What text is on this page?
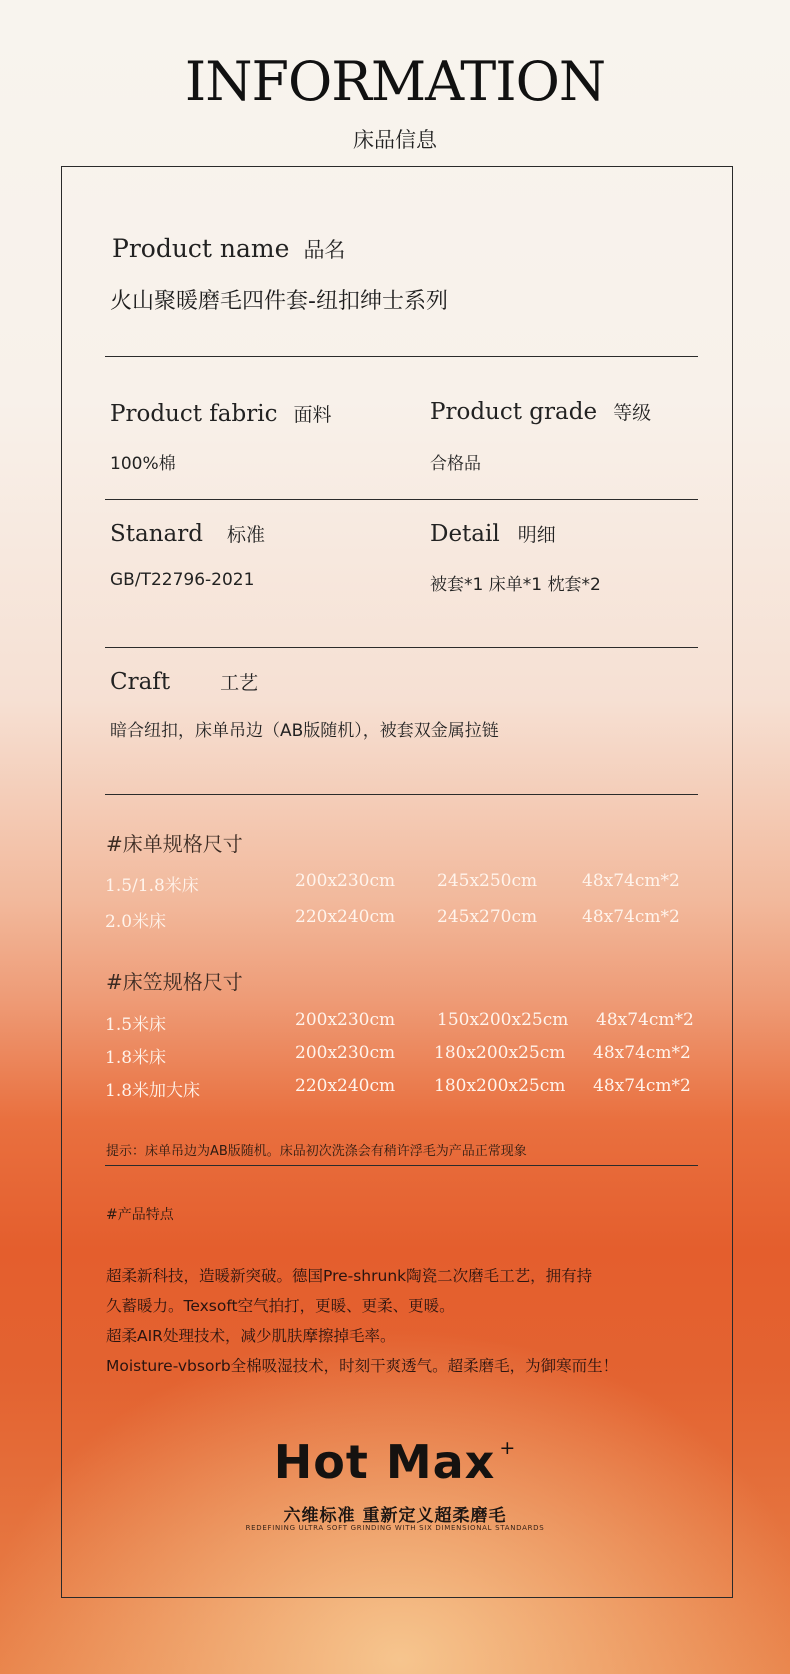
INFORMATION
床品信息
Product name 品名
火山聚暖磨毛四件套-纽扣绅士系列
Product fabric 面料
100%棉
Product grade 等级
合格品
Stanard 标准
GB/T22796-2021
Detail 明细
被套*1 床单*1 枕套*2
Craft	工艺
暗合纽扣，床单吊边（AB版随机），被套双金属拉链
#床单规格尺寸
1.5/1.8米床	200x230cm 245x250cm	48x74cm*2
2.0米床	220x240cm 245x270cm	48x74cm*2
#床笠规格尺寸
1.5米床	200x230cm 150x200x25cm 48x74cm*2
1.8米床	200x230cm 180x200x25cm 48x74cm*2
1.8米加大床	220x240cm 180x200x25cm 48x74cm*2
提示：床单吊边为AB版随机。床品初次洗涤会有稍许浮毛为产品正常现象
#产品特点
超柔新科技，造暖新突破。德国Pre-shrunk陶瓷二次磨毛工艺，拥有持
久蓄暖力。Texsoft空气拍打，更暖、更柔、更暖。
超柔AIR处理技术，减少肌肤摩擦掉毛率。
Moisture-vbsorb全棉吸湿技术，时刻干爽透气。超柔磨毛，为御寒而生！
Hot Max +
六维标准 重新定义超柔磨毛
REDEFINING ULTRA SOFT GRINDING WITH SIX DIMENSIONAL STANDARDS
